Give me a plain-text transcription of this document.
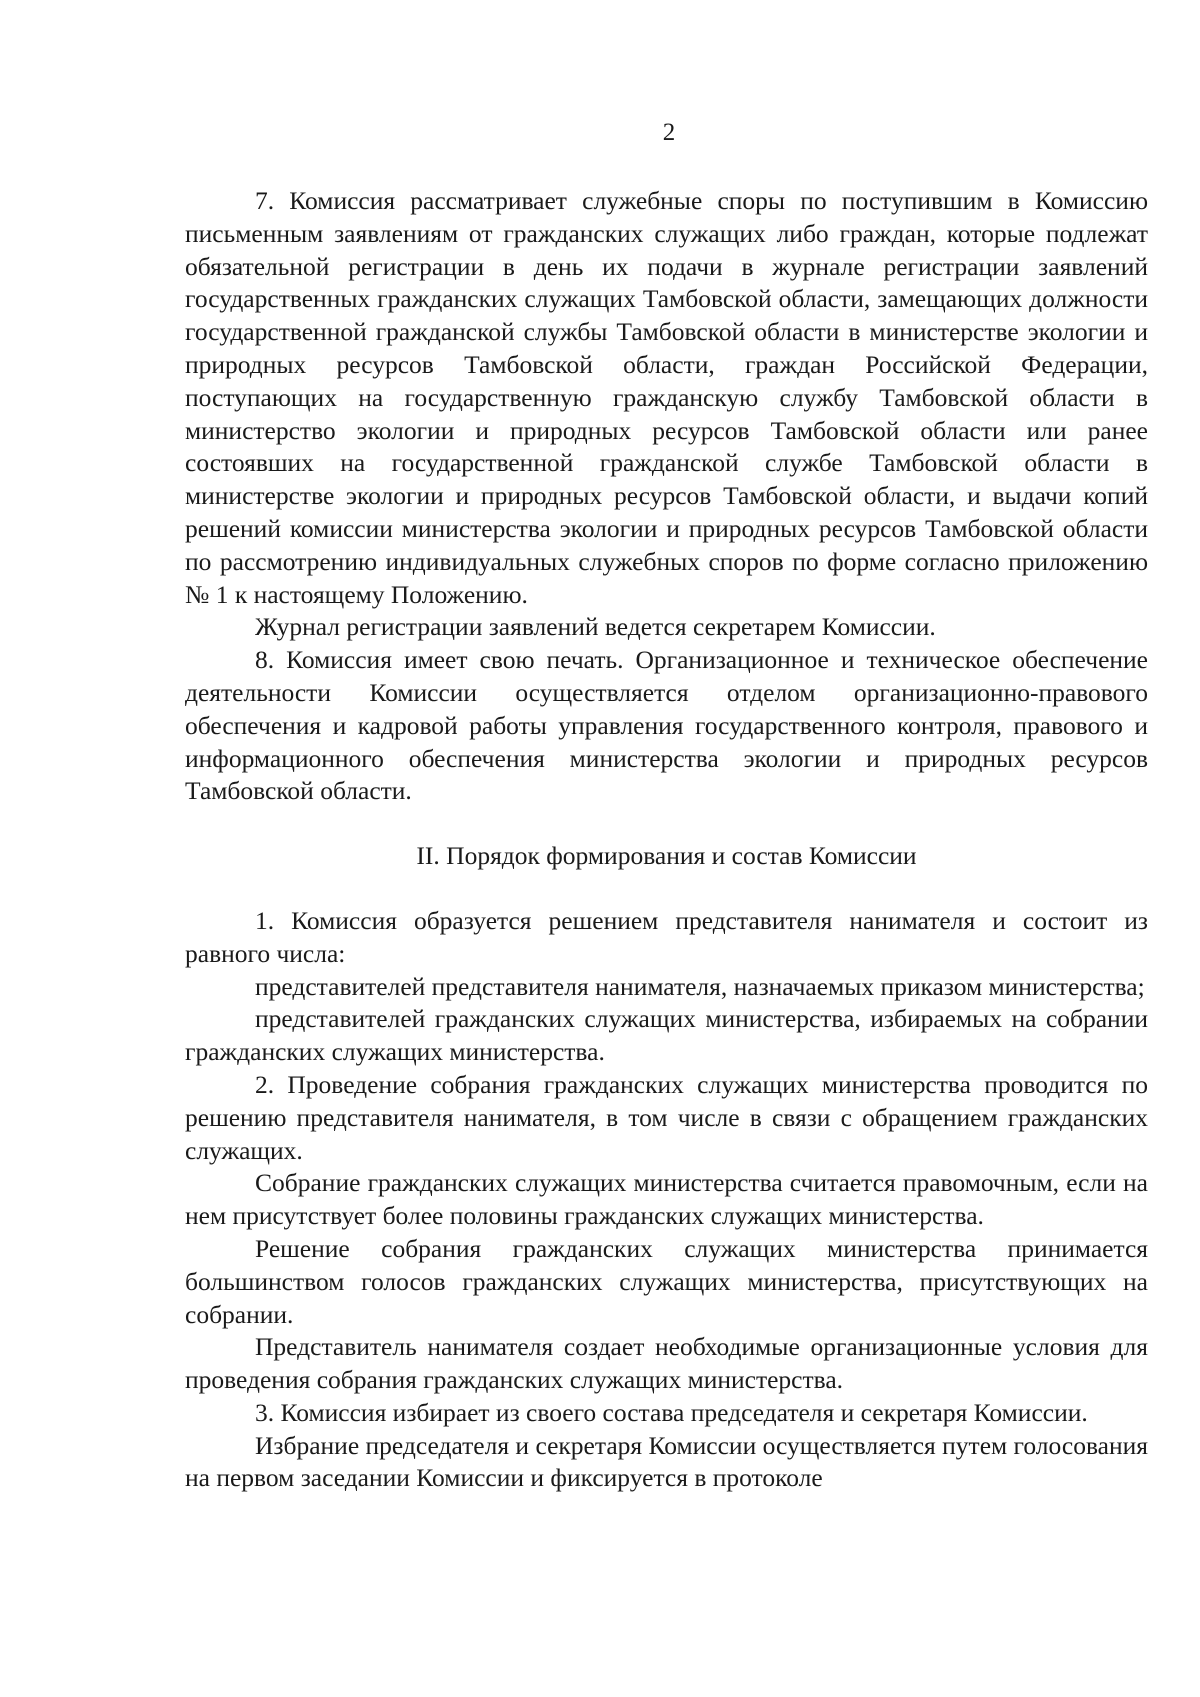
2

7. Комиссия рассматривает служебные споры по поступившим в Комиссию письменным заявлениям от гражданских служащих либо граждан, которые подлежат обязательной регистрации в день их подачи в журнале регистрации заявлений государственных гражданских служащих Тамбовской области, замещающих должности государственной гражданской службы Тамбовской области в министерстве экологии и природных ресурсов Тамбовской области, граждан Российской Федерации, поступающих на государственную гражданскую службу Тамбовской области в министерство экологии и природных ресурсов Тамбовской области или ранее состоявших на государственной гражданской службе Тамбовской области в министерстве экологии и природных ресурсов Тамбовской области, и выдачи копий решений комиссии министерства экологии и природных ресурсов Тамбовской области по рассмотрению индивидуальных служебных споров по форме согласно приложению № 1 к настоящему Положению.

Журнал регистрации заявлений ведется секретарем Комиссии.

8. Комиссия имеет свою печать. Организационное и техническое обеспечение деятельности Комиссии осуществляется отделом организационно-правового обеспечения и кадровой работы управления государственного контроля, правового и информационного обеспечения министерства экологии и природных ресурсов Тамбовской области.

II. Порядок формирования и состав Комиссии

1. Комиссия образуется решением представителя нанимателя и состоит из равного числа:

представителей представителя нанимателя, назначаемых приказом министерства;

представителей гражданских служащих министерства, избираемых на собрании гражданских служащих министерства.

2. Проведение собрания гражданских служащих министерства проводится по решению представителя нанимателя, в том числе в связи с обращением гражданских служащих.

Собрание гражданских служащих министерства считается правомочным, если на нем присутствует более половины гражданских служащих министерства.

Решение собрания гражданских служащих министерства принимается большинством голосов гражданских служащих министерства, присутствующих на собрании.

Представитель нанимателя создает необходимые организационные условия для проведения собрания гражданских служащих министерства.

3. Комиссия избирает из своего состава председателя и секретаря Комиссии.

Избрание председателя и секретаря Комиссии осуществляется путем голосования на первом заседании Комиссии и фиксируется в протоколе
